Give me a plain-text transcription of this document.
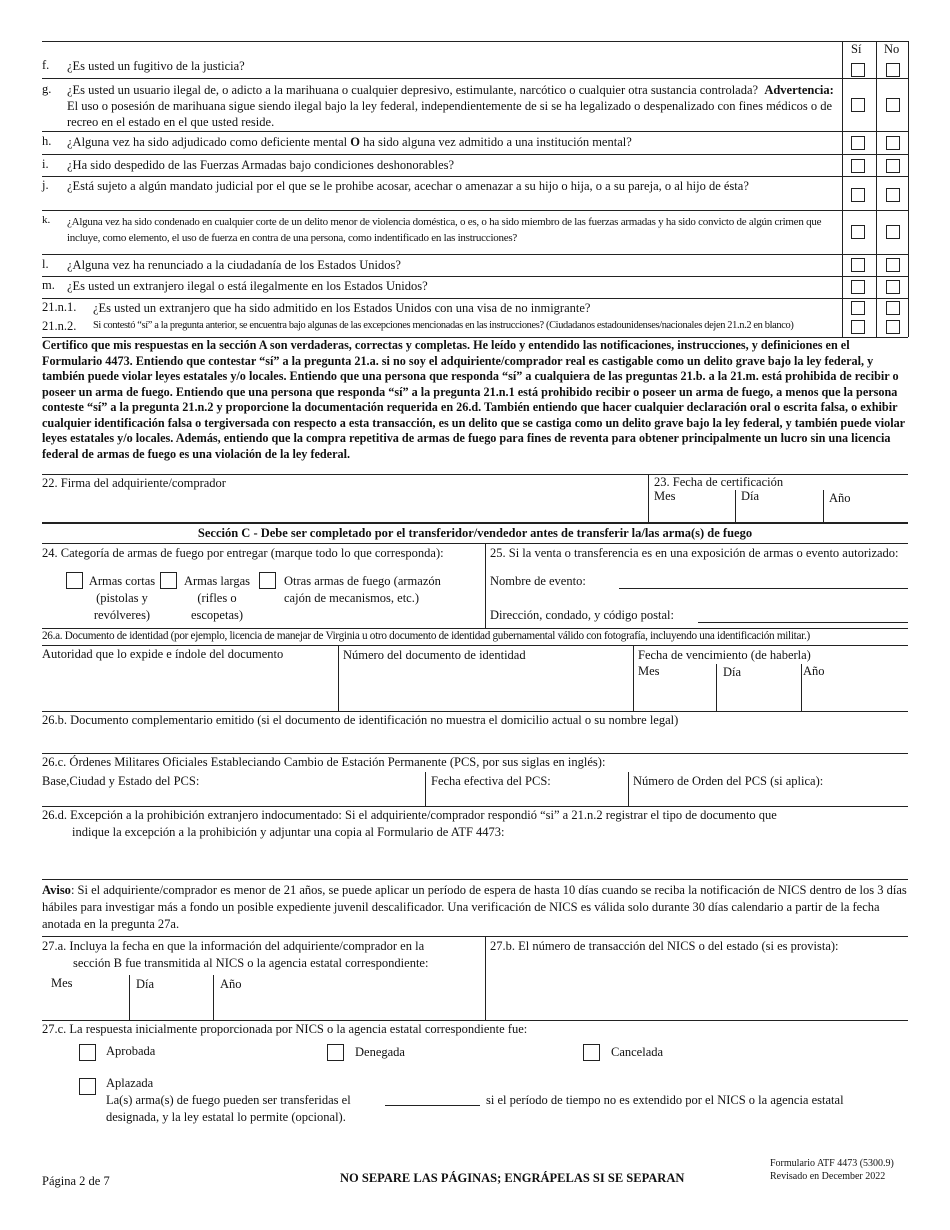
Sí No
f. ¿Es usted un fugitivo de la justicia?
g. ¿Es usted un usuario ilegal de, o adicto a la marihuana o cualquier depresivo, estimulante, narcótico o cualquier otra sustancia controlada? Advertencia: El uso o posesión de marihuana sigue siendo ilegal bajo la ley federal, independientemente de si se ha legalizado o despenalizado con fines médicos o de recreo en el estado en el que usted reside.
h. ¿Alguna vez ha sido adjudicado como deficiente mental O ha sido alguna vez admitido a una institución mental?
i. ¿Ha sido despedido de las Fuerzas Armadas bajo condiciones deshonorables?
j. ¿Está sujeto a algún mandato judicial por el que se le prohibe acosar, acechar o amenazar a su hijo o hija, o a su pareja, o al hijo de ésta?
k. ¿Alguna vez ha sido condenado en cualquier corte de un delito menor de violencia doméstica, o es, o ha sido miembro de las fuerzas armadas y ha sido convicto de algún crimen que incluye, como elemento, el uso de fuerza en contra de una persona, como indentificado en las instrucciones?
l. ¿Alguna vez ha renunciado a la ciudadanía de los Estados Unidos?
m. ¿Es usted un extranjero ilegal o está ilegalmente en los Estados Unidos?
21.n.1. ¿Es usted un extranjero que ha sido admitido en los Estados Unidos con una visa de no inmigrante?
21.n.2. Si contestó “sí” a la pregunta anterior, se encuentra bajo algunas de las excepciones mencionadas en las instrucciones? (Ciudadanos estadounidenses/nacionales dejen 21.n.2 en blanco)
Certifico que mis respuestas en la sección A son verdaderas, correctas y completas. He leído y entendido las notificaciones, instrucciones, y definiciones en el Formulario 4473. Entiendo que contestar “sí” a la pregunta 21.a. si no soy el adquiriente/comprador real es castigable como un delito grave bajo la ley federal, y también puede violar leyes estatales y/o locales. Entiendo que una persona que responda “sí” a cualquiera de las preguntas 21.b. a la 21.m. está prohibida de recibir o poseer un arma de fuego. Entiendo que una persona que responda “sí” a la pregunta 21.n.1 está prohibido recibir o poseer un arma de fuego, a menos que la persona conteste “sí” a la pregunta 21.n.2 y proporcione la documentación requerida en 26.d. También entiendo que hacer cualquier declaración oral o escrita falsa, o exhibir cualquier identificación falsa o tergiversada con respecto a esta transacción, es un delito que se castiga como un delito grave bajo la ley federal, y también puede violar leyes estatales y/o locales. Además, entiendo que la compra repetitiva de armas de fuego para fines de reventa para obtener principalmente un lucro sin una licencia federal de armas de fuego es una violación de la ley federal.
22. Firma del adquiriente/comprador	23. Fecha de certificación
Mes	Día	Año
Sección C - Debe ser completado por el transferidor/vendedor antes de transferir la/las arma(s) de fuego
24. Categoría de armas de fuego por entregar (marque todo lo que corresponda):
Armas cortas
(pistolas y
revólveres)
Armas largas
(rifles o
escopetas)
Otras armas de fuego (armazón
cajón de mecanismos, etc.)
25. Si la venta o transferencia es en una exposición de armas o evento autorizado:
Nombre de evento:
Dirección, condado, y código postal:
26.a. Documento de identidad (por ejemplo, licencia de manejar de Virginia u otro documento de identidad gubernamental válido con fotografía, incluyendo una identificación militar.)
Autoridad que lo expide e índole del documento	Número del documento de identidad	Fecha de vencimiento (de haberla)
Mes	Día	Año
26.b. Documento complementario emitido (si el documento de identificación no muestra el domicilio actual o su nombre legal)
26.c. Órdenes Militares Oficiales Estableciando Cambio de Estación Permanente (PCS, por sus siglas en inglés):
Base,Ciudad y Estado del PCS:	Fecha efectiva del PCS:	Número de Orden del PCS (si aplica):
26.d. Excepción a la prohibición extranjero indocumentado: Si el adquiriente/comprador respondió “si” a 21.n.2 registrar el tipo de documento que
indique la excepción a la prohibición y adjuntar una copia al Formulario de ATF 4473:
Aviso: Si el adquiriente/comprador es menor de 21 años, se puede aplicar un período de espera de hasta 10 días cuando se reciba la notificación de NICS dentro de los 3 días hábiles para investigar más a fondo un posible expediente juvenil descalificador. Una verificación de NICS es válida solo durante 30 días calendario a partir de la fecha anotada en la pregunta 27a.
27.a. Incluya la fecha en que la información del adquiriente/comprador en la
sección B fue transmitida al NICS o la agencia estatal correspondiente:
Mes	Día	Año
27.b. El número de transacción del NICS o del estado (si es provista):
27.c. La respuesta inicialmente proporcionada por NICS o la agencia estatal correspondiente fue:
Aprobada	Denegada	Cancelada
Aplazada
La(s) arma(s) de fuego pueden ser transferidas el	si el período de tiempo no es extendido por el NICS o la agencia estatal
designada, y la ley estatal lo permite (opcional).
Página 2 de 7	NO SEPARE LAS PÁGINAS; ENGRÁPELAS SI SE SEPARAN
Formulario ATF 4473 (5300.9)
Revisado en December 2022
